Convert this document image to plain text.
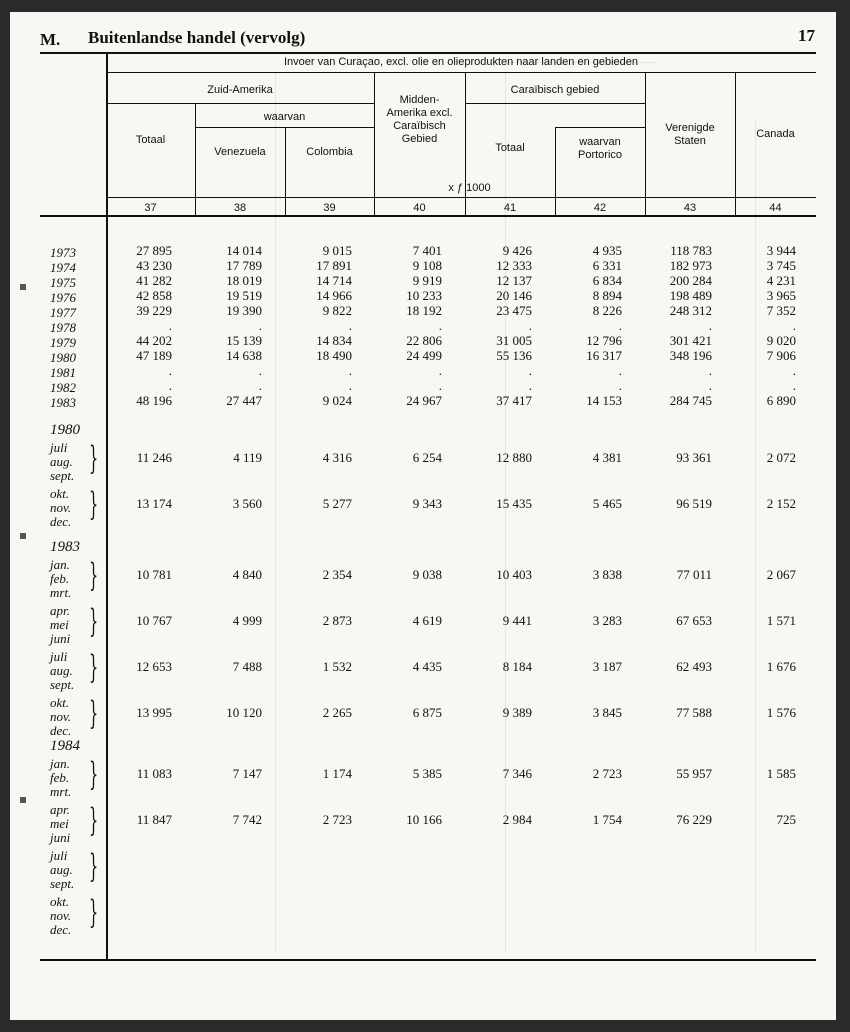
M. Buitenlandse handel (vervolg)	17
Invoer van Curaçao, excl. olie en olieprodukten naar landen en gebieden
Zuid-Amerika
waarvan
Caraïbisch gebied
x ƒ 1000
Totaal
Venezuela	Colombia
Midden-
Amerika excl.
Caraïbisch
Gebied
Totaal	waarvan
Portorico
Verenigde
Staten
Canada
37	38	39	40	41	42	43	44
1973	27 895	14 014	9 015	7 401	9 426	4 935	118 783	3 944
1974	43 230	17 789	17 891	9 108	12 333	6 331	182 973	3 745
1975	41 282	18 019	14 714	9 919	12 137	6 834	200 284	4 231
1976	42 858	19 519	14 966	10 233	20 146	8 894	198 489	3 965
1977	39 229	19 390	9 822	18 192	23 475	8 226	248 312	7 352
1978	.	.	.	.	.	.	.	.
1979	44 202	15 139	14 834	22 806	31 005	12 796	301 421	9 020
1980	47 189	14 638	18 490	24 499	55 136	16 317	348 196	7 906
1981	.	.	.	.	.	.	.	.
1982	.	.	.	.	.	.	.	.
1983	48 196	27 447	9 024	24 967	37 417	14 153	284 745	6 890
1980
juli
aug.
sept. }	11 246	4 119	4 316	6 254	12 880	4 381	93 361	2 072
okt.
nov.
dec. }	13 174	3 560	5 277	9 343	15 435	5 465	96 519	2 152
1983
jan.
feb.
mrt. }	10 781	4 840	2 354	9 038	10 403	3 838	77 011	2 067
apr.
mei
juni }	10 767	4 999	2 873	4 619	9 441	3 283	67 653	1 571
juli
aug.
sept. }	12 653	7 488	1 532	4 435	8 184	3 187	62 493	1 676
okt.
nov.
dec. }	13 995	10 120	2 265	6 875	9 389	3 845	77 588	1 576
1984
jan.
feb.
mrt. }	11 083	7 147	1 174	5 385	7 346	2 723	55 957	1 585
apr.
mei
juni }	11 847	7 742	2 723	10 166	2 984	1 754	76 229	725
juli
aug.
sept. }
okt.
nov.
dec. }
